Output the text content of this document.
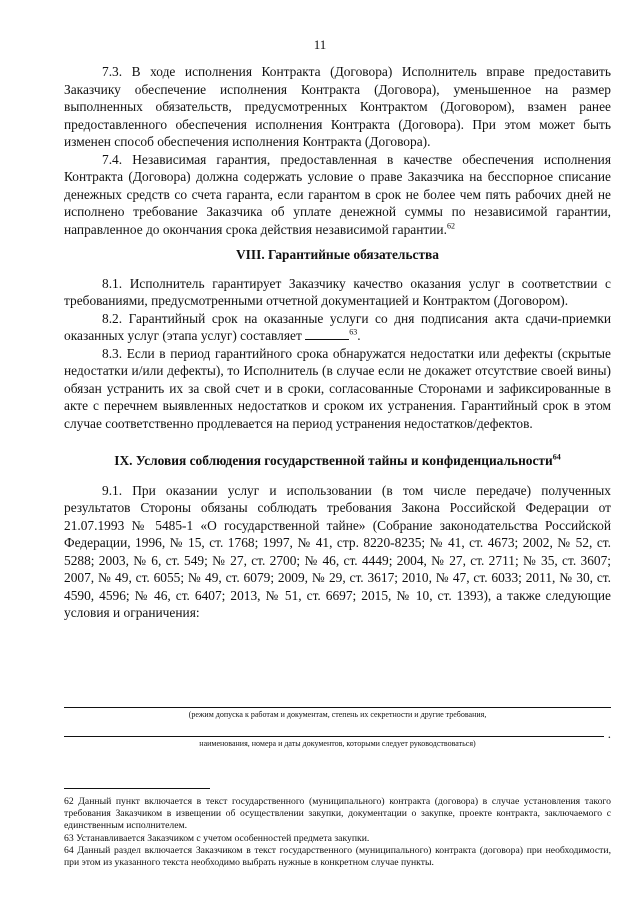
11

7.3. В ходе исполнения Контракта (Договора) Исполнитель вправе предоставить Заказчику обеспечение исполнения Контракта (Договора), уменьшенное на размер выполненных обязательств, предусмотренных Контрактом (Договором), взамен ранее предоставленного обеспечения исполнения Контракта (Договора). При этом может быть изменен способ обеспечения исполнения Контракта (Договора).

7.4. Независимая гарантия, предоставленная в качестве обеспечения исполнения Контракта (Договора) должна содержать условие о праве Заказчика на бесспорное списание денежных средств со счета гаранта, если гарантом в срок не более чем пять рабочих дней не исполнено требование Заказчика об уплате денежной суммы по независимой гарантии, направленное до окончания срока действия независимой гарантии.$^{62}$

VIII. Гарантийные обязательства

8.1. Исполнитель гарантирует Заказчику качество оказания услуг в соответствии с требованиями, предусмотренными отчетной документацией и Контрактом (Договором).

8.2. Гарантийный срок на оказанные услуги со дня подписания акта сдачи-приемки оказанных услуг (этапа услуг) составляет	$^{63}$.

8.3. Если в период гарантийного срока обнаружатся недостатки или дефекты (скрытые недостатки и/или дефекты), то Исполнитель (в случае если не докажет отсутствие своей вины) обязан устранить их за свой счет и в сроки, согласованные Сторонами и зафиксированные в акте с перечнем выявленных недостатков и сроком их устранения. Гарантийный срок в этом случае соответственно продлевается на период устранения недостатков/дефектов.

IX. Условия соблюдения государственной тайны и конфиденциальности$^{64}$

9.1. При оказании услуг и использовании (в том числе передаче) полученных результатов Стороны обязаны соблюдать требования Закона Российской Федерации от 21.07.1993 № 5485-1 «О государственной тайне» (Собрание законодательства Российской Федерации, 1996, № 15, ст. 1768; 1997, № 41, стр. 8220-8235; № 41, ст. 4673; 2002, № 52, ст. 5288; 2003, № 6, ст. 549; № 27, ст. 2700; № 46, ст. 4449; 2004, № 27, ст. 2711; № 35, ст. 3607; 2007, № 49, ст. 6055; № 49, ст. 6079; 2009, № 29, ст. 3617; 2010, № 47, ст. 6033; 2011, № 30, ст. 4590, 4596; № 46, ст. 6407; 2013, № 51, ст. 6697; 2015, № 10, ст. 1393), а также следующие условия и ограничения:

(режим допуска к работам и документам, степень их секретности и другие требования,
.
наименования, номера и даты документов, которыми следует руководствоваться)

62 Данный пункт включается в текст государственного (муниципального) контракта (договора) в случае установления такого требования Заказчиком в извещении об осуществлении закупки, документации о закупке, проекте контракта, заключаемого с единственным исполнителем.

63 Устанавливается Заказчиком с учетом особенностей предмета закупки.

64 Данный раздел включается Заказчиком в текст государственного (муниципального) контракта (договора) при необходимости, при этом из указанного текста необходимо выбрать нужные в конкретном случае пункты.
